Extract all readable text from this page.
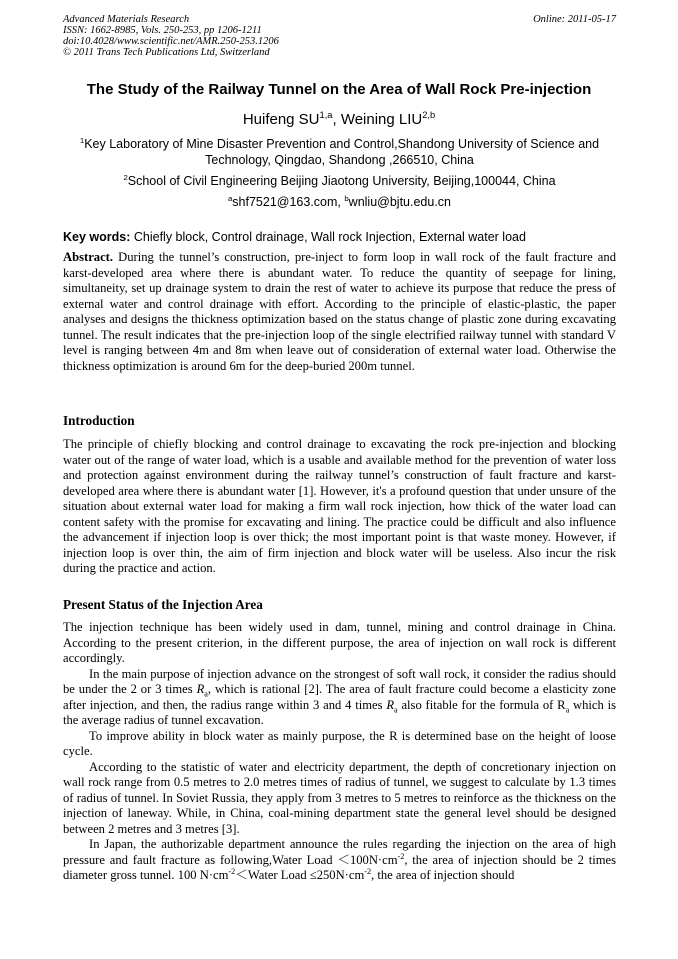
Advanced Materials Research
ISSN: 1662-8985, Vols. 250-253, pp 1206-1211
doi:10.4028/www.scientific.net/AMR.250-253.1206
© 2011 Trans Tech Publications Ltd, Switzerland
Online: 2011-05-17
The Study of the Railway Tunnel on the Area of Wall Rock Pre-injection
Huifeng SU$^{1,a}$, Weining LIU$^{2,b}$
$^1$Key Laboratory of Mine Disaster Prevention and Control,Shandong University of Science and Technology, Qingdao, Shandong ,266510, China
$^2$School of Civil Engineering Beijing Jiaotong University, Beijing,100044, China
$^a$shf7521@163.com, $^b$wnliu@bjtu.edu.cn
Key words: Chiefly block, Control drainage, Wall rock Injection, External water load

Abstract. During the tunnel’s construction, pre-inject to form loop in wall rock of the fault fracture and karst-developed area where there is abundant water. To reduce the quantity of seepage for lining, simultaneity, set up drainage system to drain the rest of water to achieve its purpose that reduce the press of external water and control drainage with effort. According to the principle of elastic-plastic, the paper analyses and designs the thickness optimization based on the status change of plastic zone during excavating tunnel. The result indicates that the pre-injection loop of the single electrified railway tunnel with standard V level is ranging between 4m and 8m when leave out of consideration of external water load. Otherwise the thickness optimization is around 6m for the deep-buried 200m tunnel.

Introduction
The principle of chiefly blocking and control drainage to excavating the rock pre-injection and blocking water out of the range of water load, which is a usable and available method for the prevention of water loss and protection against environment during the railway tunnel’s construction of fault fracture and karst-developed area where there is abundant water [1]. However, it's a profound question that under unsure of the situation about external water load for making a firm wall rock injection, how thick of the water load can content safety with the promise for excavating and lining. The practice could be difficult and also influence the advancement if injection loop is over thick; the most important point is that waste money. However, if injection loop is over thin, the aim of firm injection and block water will be useless. Also incur the risk during the practice and action.
Present Status of the Injection Area

The injection technique has been widely used in dam, tunnel, mining and control drainage in China. According to the present criterion, in the different purpose, the area of injection on wall rock is different accordingly.

In the main purpose of injection advance on the strongest of soft wall rock, it consider the radius should be under the 2 or 3 times $R_a$, which is rational [2]. The area of fault fracture could become a elasticity zone after injection, and then, the radius range within 3 and 4 times $R_a$ also fitable for the formula of $R_a$ which is the average radius of tunnel excavation.

To improve ability in block water as mainly purpose, the R is determined base on the height of loose cycle.

According to the statistic of water and electricity department, the depth of concretionary injection on wall rock range from 0.5 metres to 2.0 metres times of radius of tunnel, we suggest to calculate by 1.3 times of radius of tunnel. In Soviet Russia, they apply from 3 metres to 5 metres to reinforce as the thickness on the injection of laneway. While, in China, coal-mining department state the general level should be designed between 2 metres and 3 metres [3].

In Japan, the authorizable department announce the rules regarding the injection on the area of high pressure and fault fracture as following,Water Load $<100N\cdot cm^{-2}$, the area of injection should be 2 times diameter gross tunnel. 100 $N\cdot cm^{-2}<Water$ Load $\le 250N\cdot cm^{-2}$, the area of injection should
